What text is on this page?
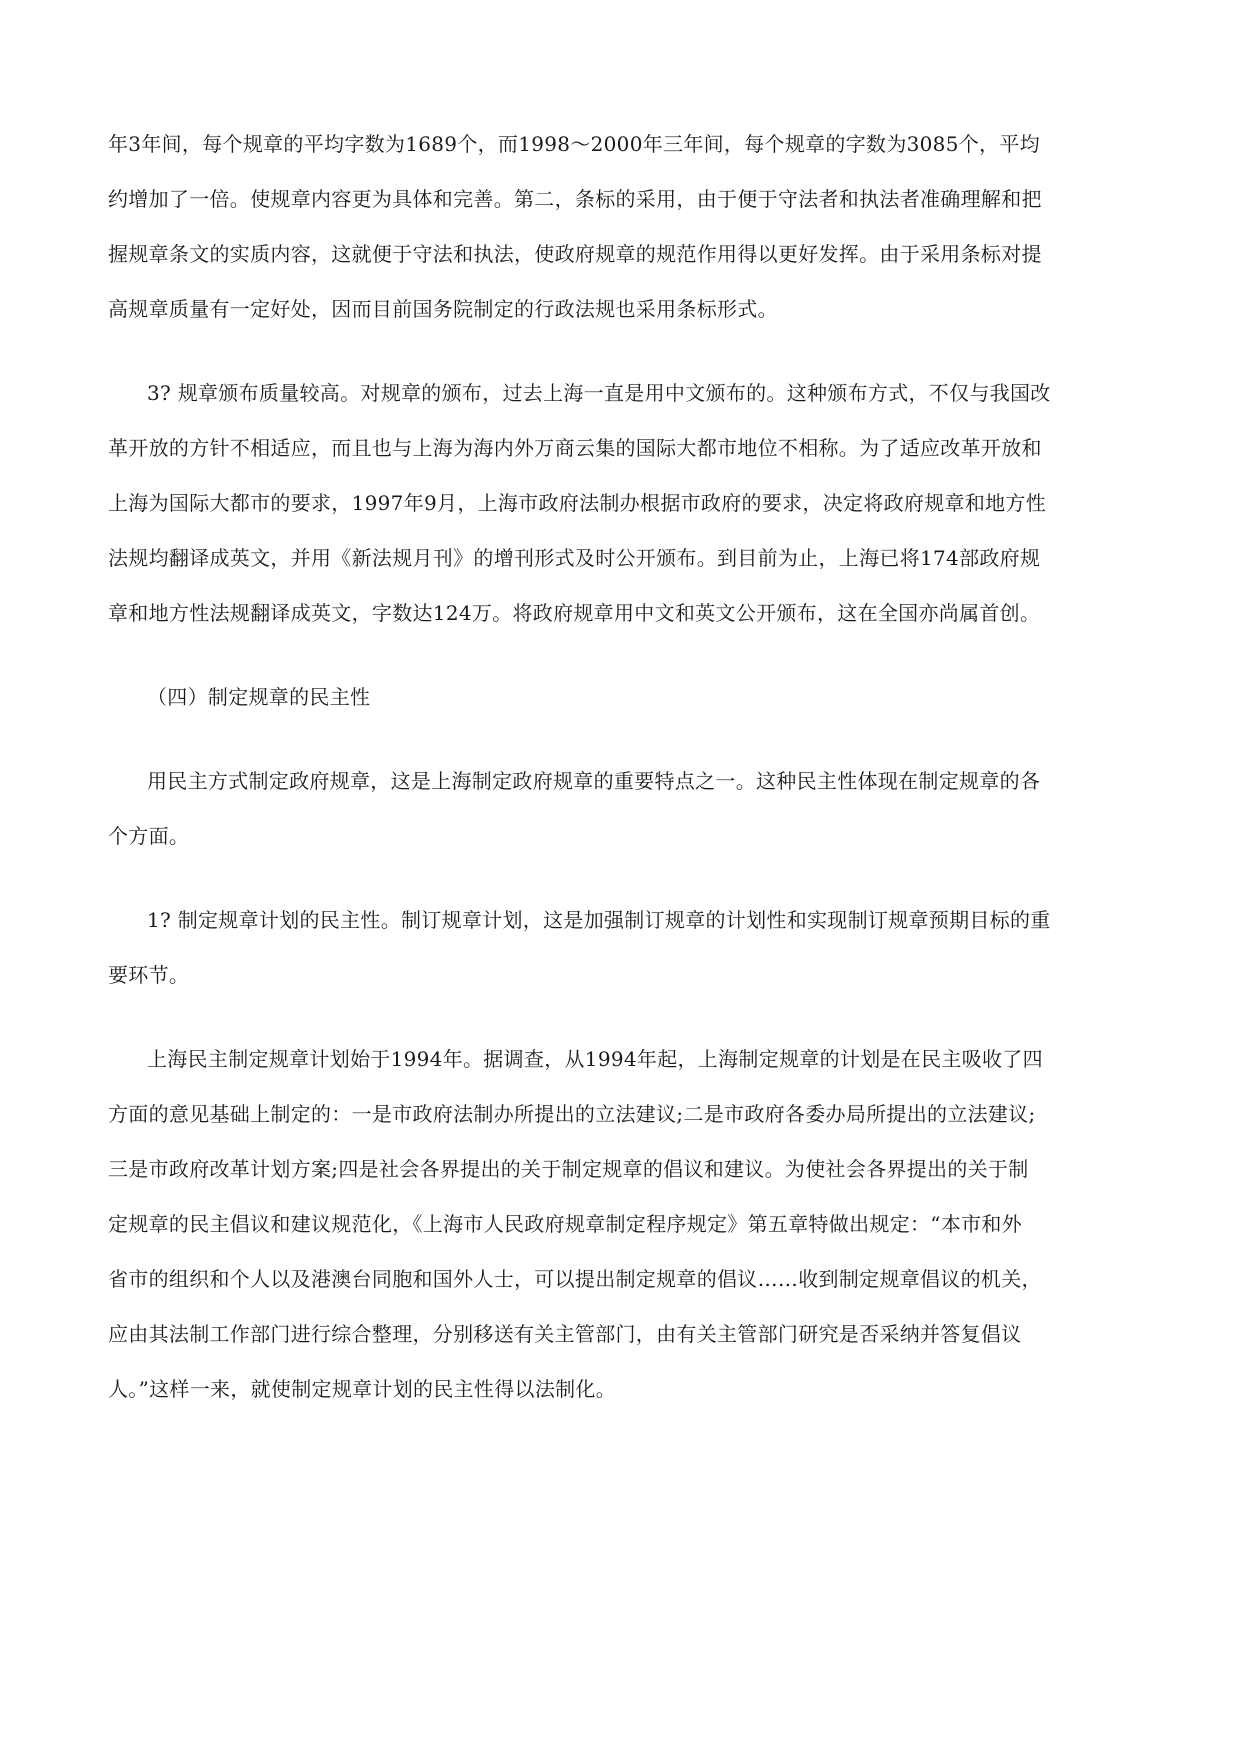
年3年间，每个规章的平均字数为1689个，而1998～2000年三年间，每个规章的字数为3085个，平均
约增加了一倍。使规章内容更为具体和完善。第二，条标的采用，由于便于守法者和执法者准确理解和把
握规章条文的实质内容，这就便于守法和执法，使政府规章的规范作用得以更好发挥。由于采用条标对提
高规章质量有一定好处，因而目前国务院制定的行政法规也采用条标形式。
3? 规章颁布质量较高。对规章的颁布，过去上海一直是用中文颁布的。这种颁布方式，不仅与我国改
革开放的方针不相适应，而且也与上海为海内外万商云集的国际大都市地位不相称。为了适应改革开放和
上海为国际大都市的要求，1997年9月，上海市政府法制办根据市政府的要求，决定将政府规章和地方性
法规均翻译成英文，并用《新法规月刊》的增刊形式及时公开颁布。到目前为止，上海已将174部政府规
章和地方性法规翻译成英文，字数达124万。将政府规章用中文和英文公开颁布，这在全国亦尚属首创。
（四）制定规章的民主性
用民主方式制定政府规章，这是上海制定政府规章的重要特点之一。这种民主性体现在制定规章的各
个方面。
1? 制定规章计划的民主性。制订规章计划，这是加强制订规章的计划性和实现制订规章预期目标的重
要环节。
上海民主制定规章计划始于1994年。据调查，从1994年起，上海制定规章的计划是在民主吸收了四
方面的意见基础上制定的：一是市政府法制办所提出的立法建议;二是市政府各委办局所提出的立法建议;
三是市政府改革计划方案;四是社会各界提出的关于制定规章的倡议和建议。为使社会各界提出的关于制
定规章的民主倡议和建议规范化，《上海市人民政府规章制定程序规定》第五章特做出规定：“本市和外
省市的组织和个人以及港澳台同胞和国外人士，可以提出制定规章的倡议……收到制定规章倡议的机关，
应由其法制工作部门进行综合整理，分别移送有关主管部门，由有关主管部门研究是否采纳并答复倡议
人。”这样一来，就使制定规章计划的民主性得以法制化。
